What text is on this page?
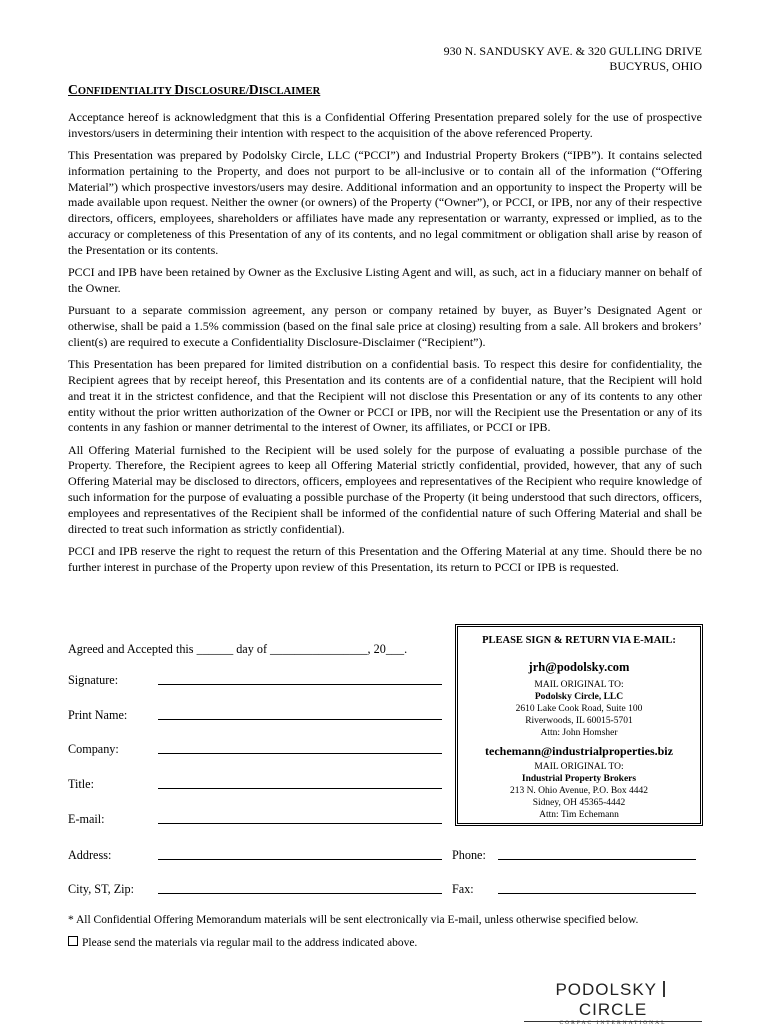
930 N. SANDUSKY AVE. & 320 GULLING DRIVE
BUCYRUS, OHIO
CONFIDENTIALITY DISCLOSURE/DISCLAIMER

Acceptance hereof is acknowledgment that this is a Confidential Offering Presentation prepared solely for the use of prospective investors/users in determining their intention with respect to the acquisition of the above referenced Property.

This Presentation was prepared by Podolsky Circle, LLC (“PCCI”) and Industrial Property Brokers (“IPB”). It contains selected information pertaining to the Property, and does not purport to be all-inclusive or to contain all of the information (“Offering Material”) which prospective investors/users may desire. Additional information and an opportunity to inspect the Property will be made available upon request. Neither the owner (or owners) of the Property (“Owner”), or PCCI, or IPB, nor any of their respective directors, officers, employees, shareholders or affiliates have made any representation or warranty, expressed or implied, as to the accuracy or completeness of this Presentation of any of its contents, and no legal commitment or obligation shall arise by reason of the Presentation or its contents.

PCCI and IPB have been retained by Owner as the Exclusive Listing Agent and will, as such, act in a fiduciary manner on behalf of the Owner.

Pursuant to a separate commission agreement, any person or company retained by buyer, as Buyer’s Designated Agent or otherwise, shall be paid a 1.5% commission (based on the final sale price at closing) resulting from a sale. All brokers and brokers’ client(s) are required to execute a Confidentiality Disclosure-Disclaimer (“Recipient”).

This Presentation has been prepared for limited distribution on a confidential basis. To respect this desire for confidentiality, the Recipient agrees that by receipt hereof, this Presentation and its contents are of a confidential nature, that the Recipient will hold and treat it in the strictest confidence, and that the Recipient will not disclose this Presentation or any of its contents to any other entity without the prior written authorization of the Owner or PCCI or IPB, nor will the Recipient use the Presentation or any of its contents in any fashion or manner detrimental to the interest of Owner, its affiliates, or PCCI or IPB.

All Offering Material furnished to the Recipient will be used solely for the purpose of evaluating a possible purchase of the Property. Therefore, the Recipient agrees to keep all Offering Material strictly confidential, provided, however, that any of such Offering Material may be disclosed to directors, officers, employees and representatives of the Recipient who require knowledge of such information for the purpose of evaluating a possible purchase of the Property (it being understood that such directors, officers, employees and representatives of the Recipient shall be informed of the confidential nature of such Offering Material and shall be directed to treat such information as strictly confidential).

PCCI and IPB reserve the right to request the return of this Presentation and the Offering Material at any time. Should there be no further interest in purchase of the Property upon review of this Presentation, its return to PCCI or IPB is requested.

Agreed and Accepted this ______ day of ________________, 20___.
Signature:
Print Name:
Company:
Title:
E-mail:
Address:	Phone:
City, ST, Zip:	Fax:
PLEASE SIGN & RETURN VIA E-MAIL:
jrh@podolsky.com
MAIL ORIGINAL TO:
Podolsky Circle, LLC
2610 Lake Cook Road, Suite 100
Riverwoods, IL 60015-5701
Attn: John Homsher
techemann@industrialproperties.biz
MAIL ORIGINAL TO:
Industrial Property Brokers
213 N. Ohio Avenue, P.O. Box 4442
Sidney, OH 45365-4442
Attn: Tim Echemann
* All Confidential Offering Memorandum materials will be sent electronically via E-mail, unless otherwise specified below.
Please send the materials via regular mail to the address indicated above.
PODOLSKYCIRCLE
CORFAC INTERNATIONAL
